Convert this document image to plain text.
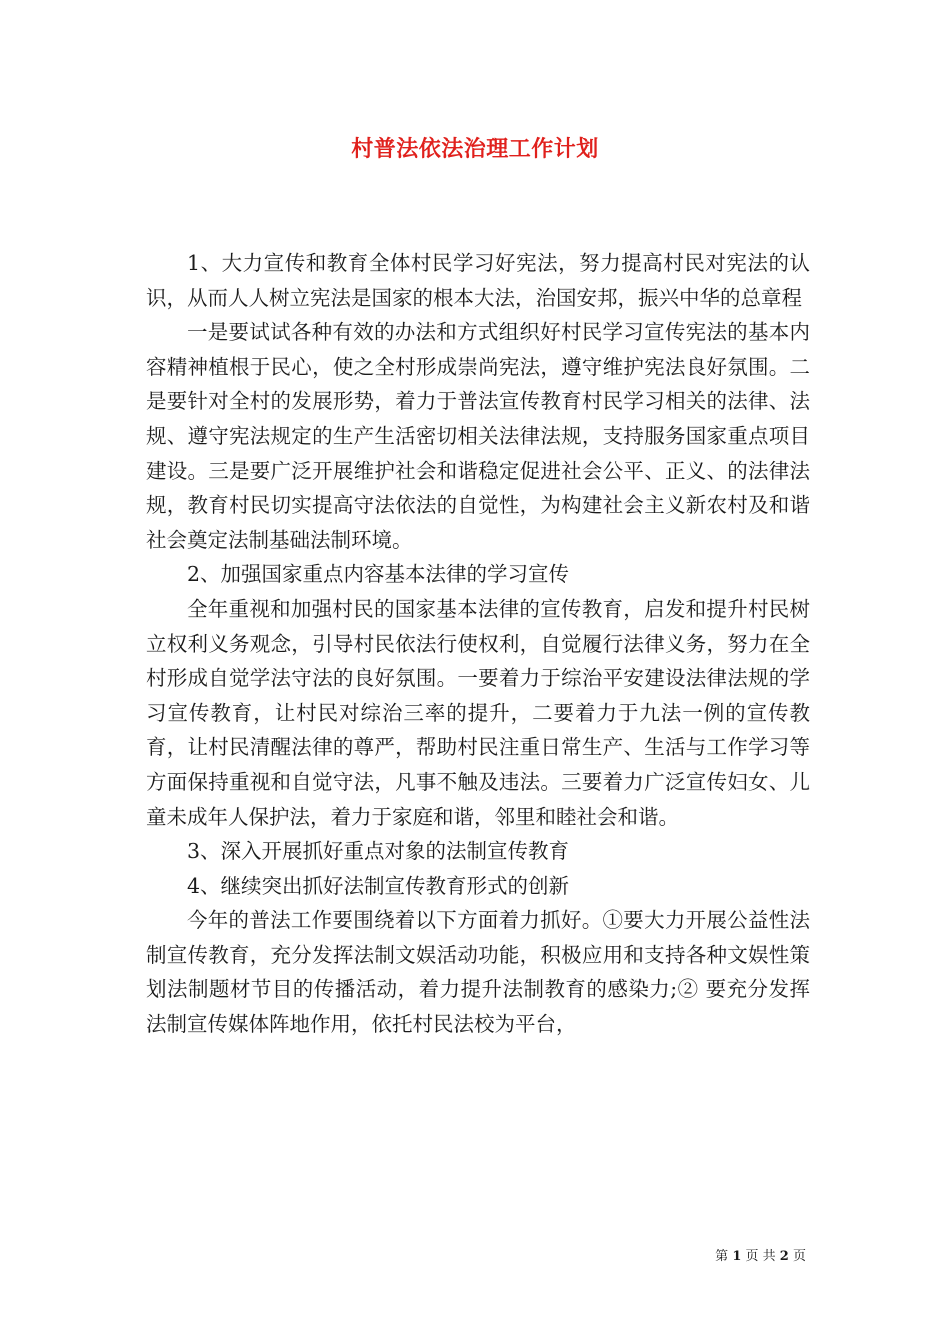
村普法依法治理工作计划

1、大力宣传和教育全体村民学习好宪法，努力提高村民对宪法的认识，从而人人树立宪法是国家的根本大法，治国安邦，振兴中华的总章程

一是要试试各种有效的办法和方式组织好村民学习宣传宪法的基本内容精神植根于民心，使之全村形成崇尚宪法，遵守维护宪法良好氛围。二是要针对全村的发展形势，着力于普法宣传教育村民学习相关的法律、法规、遵守宪法规定的生产生活密切相关法律法规，支持服务国家重点项目建设。三是要广泛开展维护社会和谐稳定促进社会公平、正义、的法律法规，教育村民切实提高守法依法的自觉性，为构建社会主义新农村及和谐社会奠定法制基础法制环境。

2、加强国家重点内容基本法律的学习宣传

全年重视和加强村民的国家基本法律的宣传教育，启发和提升村民树立权利义务观念，引导村民依法行使权利，自觉履行法律义务，努力在全村形成自觉学法守法的良好氛围。一要着力于综治平安建设法律法规的学习宣传教育，让村民对综治三率的提升，二要着力于九法一例的宣传教育，让村民清醒法律的尊严，帮助村民注重日常生产、生活与工作学习等方面保持重视和自觉守法，凡事不触及违法。三要着力广泛宣传妇女、儿童未成年人保护法，着力于家庭和谐，邻里和睦社会和谐。

3、深入开展抓好重点对象的法制宣传教育

4、继续突出抓好法制宣传教育形式的创新

今年的普法工作要围绕着以下方面着力抓好。①要大力开展公益性法制宣传教育，充分发挥法制文娱活动功能，积极应用和支持各种文娱性策划法制题材节目的传播活动，着力提升法制教育的感染力;② 要充分发挥法制宣传媒体阵地作用，依托村民法校为平台，

第 1 页 共 2 页
